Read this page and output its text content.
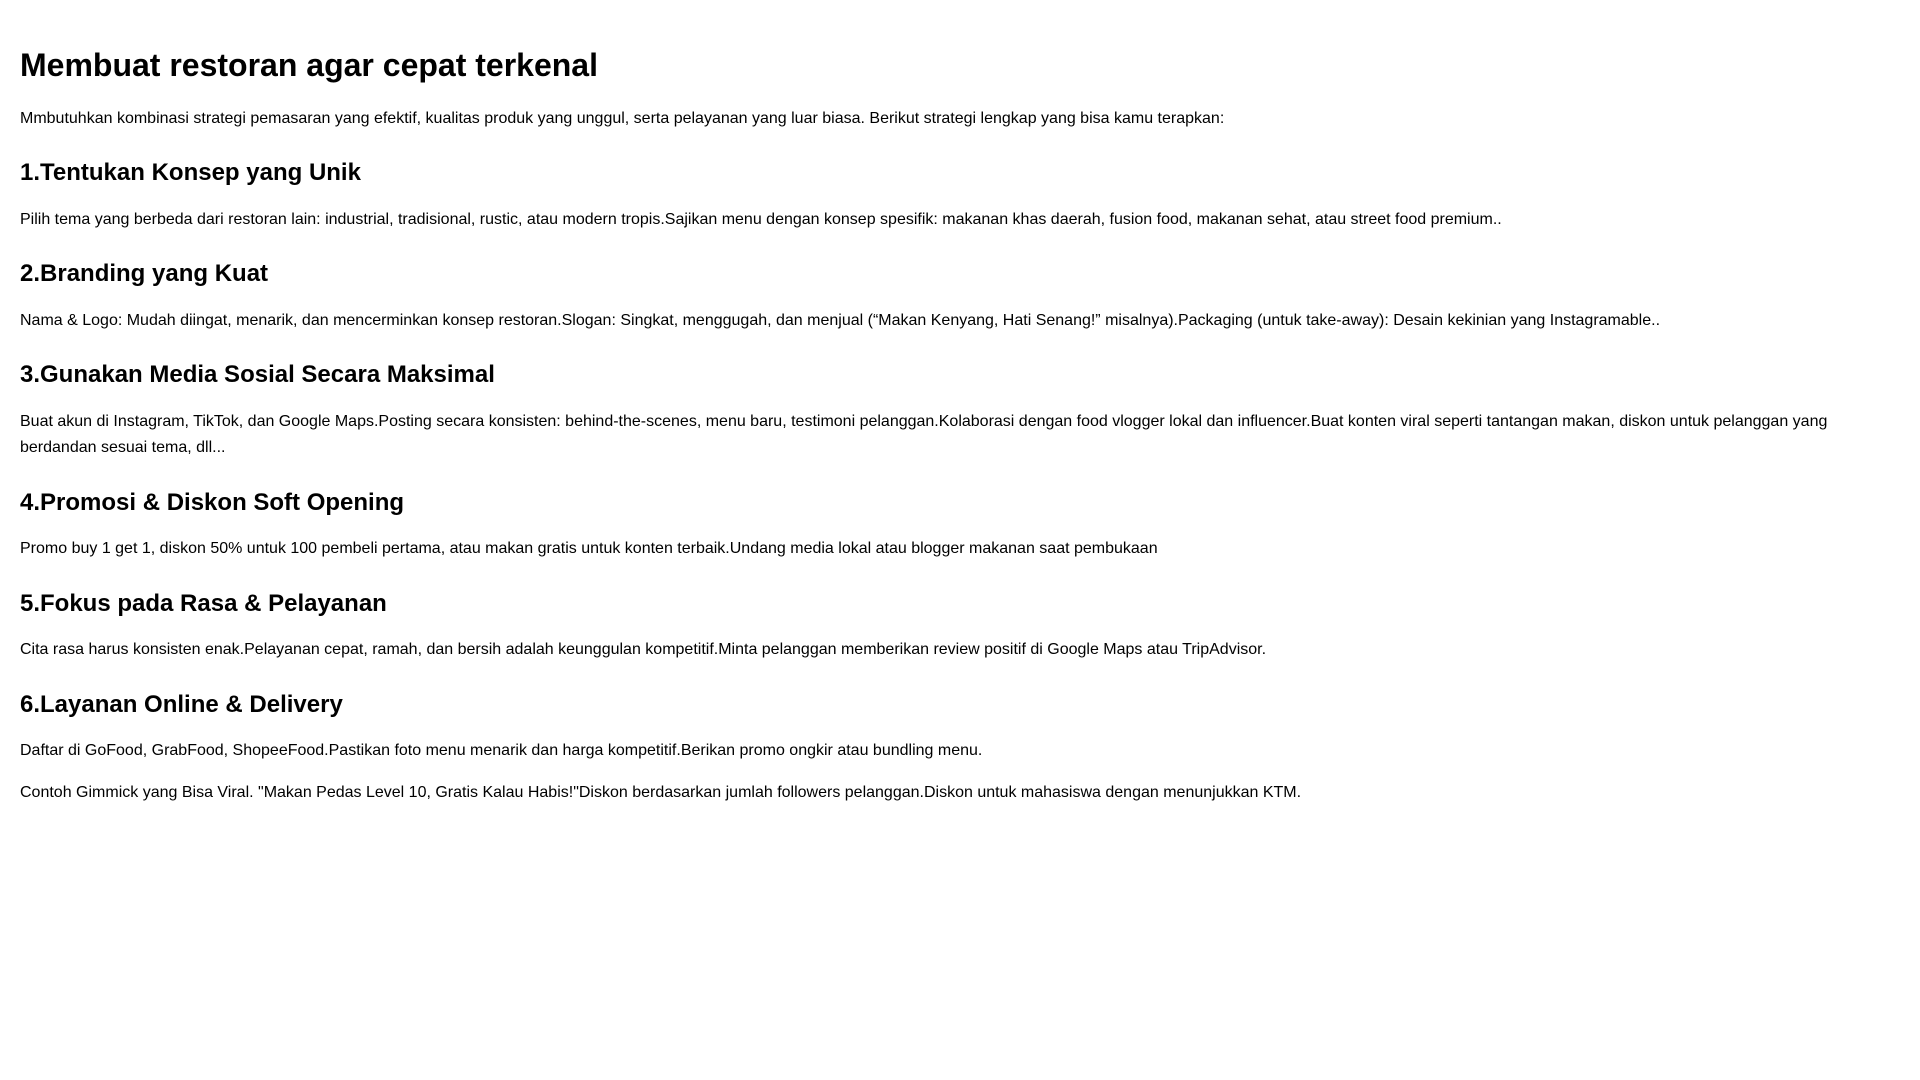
Membuat restoran agar cepat terkenal

Mmbutuhkan kombinasi strategi pemasaran yang efektif, kualitas produk yang unggul, serta pelayanan yang luar biasa. Berikut strategi lengkap yang bisa kamu terapkan:

1.Tentukan Konsep yang Unik

Pilih tema yang berbeda dari restoran lain: industrial, tradisional, rustic, atau modern tropis.Sajikan menu dengan konsep spesifik: makanan khas daerah, fusion food, makanan sehat, atau street food premium..

2.Branding yang Kuat

Nama & Logo: Mudah diingat, menarik, dan mencerminkan konsep restoran.Slogan: Singkat, menggugah, dan menjual (“Makan Kenyang, Hati Senang!” misalnya).Packaging (untuk take-away): Desain kekinian yang Instagramable..

3.Gunakan Media Sosial Secara Maksimal

Buat akun di Instagram, TikTok, dan Google Maps.Posting secara konsisten: behind-the-scenes, menu baru, testimoni pelanggan.Kolaborasi dengan food vlogger lokal dan influencer.Buat konten viral seperti tantangan makan, diskon untuk pelanggan yang berdandan sesuai tema, dll...

4.Promosi & Diskon Soft Opening

Promo buy 1 get 1, diskon 50% untuk 100 pembeli pertama, atau makan gratis untuk konten terbaik.Undang media lokal atau blogger makanan saat pembukaan

5.Fokus pada Rasa & Pelayanan

Cita rasa harus konsisten enak.Pelayanan cepat, ramah, dan bersih adalah keunggulan kompetitif.Minta pelanggan memberikan review positif di Google Maps atau TripAdvisor.

6.Layanan Online & Delivery

Daftar di GoFood, GrabFood, ShopeeFood.Pastikan foto menu menarik dan harga kompetitif.Berikan promo ongkir atau bundling menu.

Contoh Gimmick yang Bisa Viral. "Makan Pedas Level 10, Gratis Kalau Habis!"Diskon berdasarkan jumlah followers pelanggan.Diskon untuk mahasiswa dengan menunjukkan KTM.
